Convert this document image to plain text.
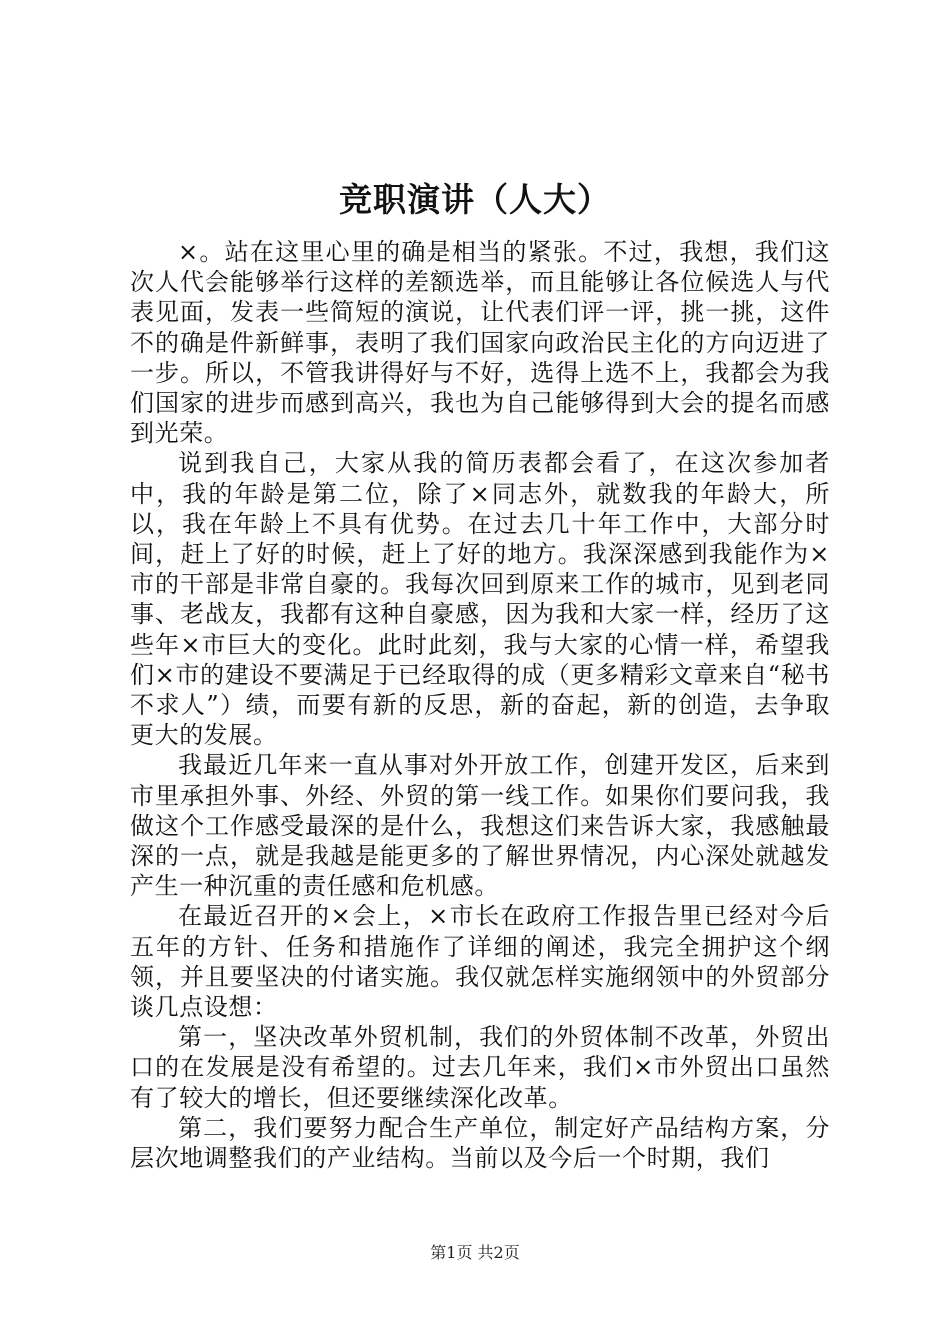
竞职演讲（人大）

×。站在这里心里的确是相当的紧张。不过，我想，我们这次人代会能够举行这样的差额选举，而且能够让各位候选人与代表见面，发表一些简短的演说，让代表们评一评，挑一挑，这件不的确是件新鲜事，表明了我们国家向政治民主化的方向迈进了一步。所以，不管我讲得好与不好，选得上选不上，我都会为我们国家的进步而感到高兴，我也为自己能够得到大会的提名而感到光荣。

说到我自己，大家从我的简历表都会看了，在这次参加者中，我的年龄是第二位，除了×同志外，就数我的年龄大，所以，我在年龄上不具有优势。在过去几十年工作中，大部分时间，赶上了好的时候，赶上了好的地方。我深深感到我能作为×市的干部是非常自豪的。我每次回到原来工作的城市，见到老同事、老战友，我都有这种自豪感，因为我和大家一样，经历了这些年×市巨大的变化。此时此刻，我与大家的心情一样，希望我们×市的建设不要满足于已经取得的成（更多精彩文章来自“秘书不求人”）绩，而要有新的反思，新的奋起，新的创造，去争取更大的发展。

我最近几年来一直从事对外开放工作，创建开发区，后来到市里承担外事、外经、外贸的第一线工作。如果你们要问我，我做这个工作感受最深的是什么，我想这们来告诉大家，我感触最深的一点，就是我越是能更多的了解世界情况，内心深处就越发产生一种沉重的责任感和危机感。

在最近召开的×会上，×市长在政府工作报告里已经对今后五年的方针、任务和措施作了详细的阐述，我完全拥护这个纲领，并且要坚决的付诸实施。我仅就怎样实施纲领中的外贸部分谈几点设想：

第一，坚决改革外贸机制，我们的外贸体制不改革，外贸出口的在发展是没有希望的。过去几年来，我们×市外贸出口虽然有了较大的增长，但还要继续深化改革。

第二，我们要努力配合生产单位，制定好产品结构方案，分层次地调整我们的产业结构。当前以及今后一个时期，我们

第1页 共2页
